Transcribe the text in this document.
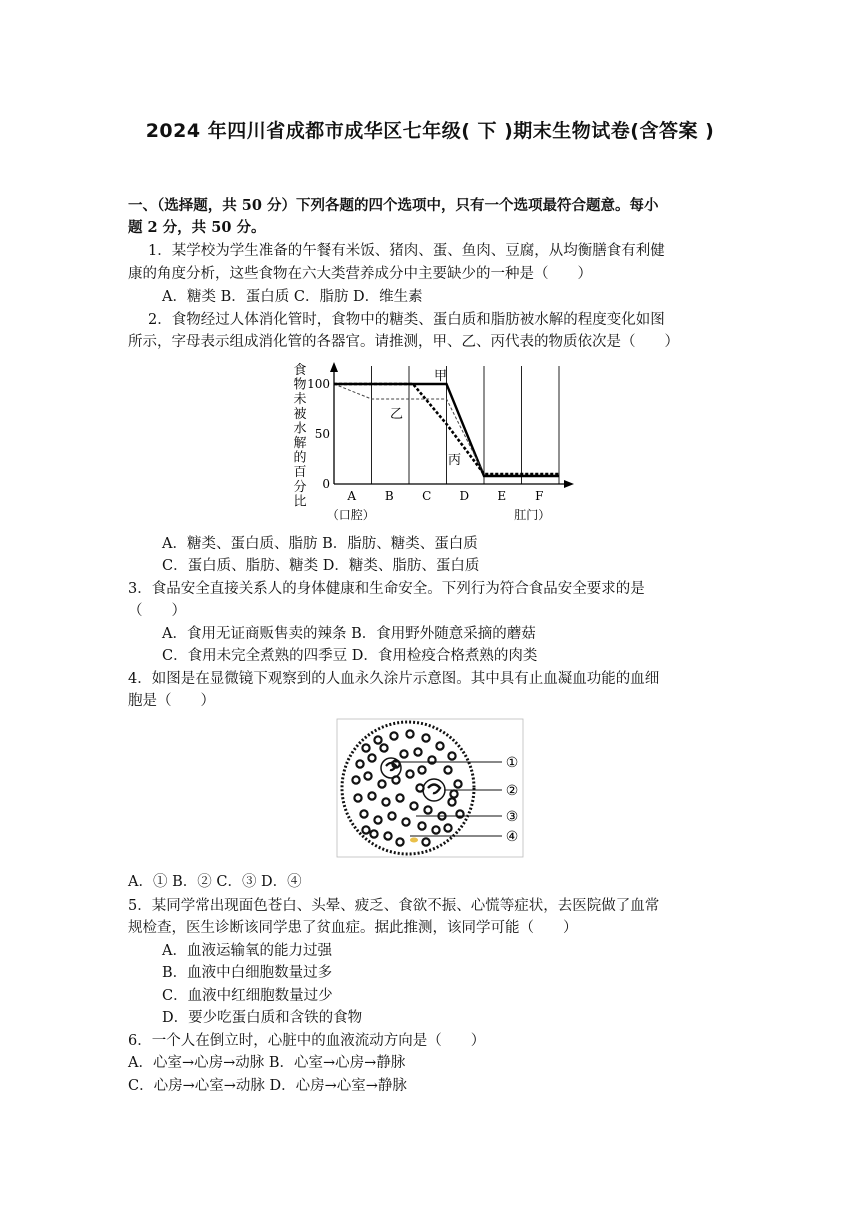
2024 年四川省成都市成华区七年级( 下 )期末生物试卷(含答案 )
一、（选择题，共 50 分）下列各题的四个选项中，只有一个选项最符合题意。每小
题 2 分，共 50 分。
1．某学校为学生准备的午餐有米饭、猪肉、蛋、鱼肉、豆腐，从均衡膳食有利健
康的角度分析，这些食物在六大类营养成分中主要缺少的一种是（　　）
A．糖类 B．蛋白质 C．脂肪 D．维生素
2．食物经过人体消化管时，食物中的糖类、蛋白质和脂肪被水解的程度变化如图
所示，字母表示组成消化管的各器官。请推测，甲、乙、丙代表的物质依次是（　　）
食
物
未
被
水
解
的
百
分
比
100
50
0
A B C D E F
（口腔）	肛门）
甲
乙
丙
A．糖类、蛋白质、脂肪 B．脂肪、糖类、蛋白质
C．蛋白质、脂肪、糖类 D．糖类、脂肪、蛋白质
3．食品安全直接关系人的身体健康和生命安全。下列行为符合食品安全要求的是
（　　）
A．食用无证商贩售卖的辣条 B．食用野外随意采摘的蘑菇
C．食用未完全煮熟的四季豆 D．食用检疫合格煮熟的肉类
4．如图是在显微镜下观察到的人血永久涂片示意图。其中具有止血凝血功能的血细
胞是（　　）
①
②
③
④
A．① B．② C．③ D．④
5．某同学常出现面色苍白、头晕、疲乏、食欲不振、心慌等症状，去医院做了血常
规检查，医生诊断该同学患了贫血症。据此推测，该同学可能（　　）
A．血液运输氧的能力过强
B．血液中白细胞数量过多
C．血液中红细胞数量过少
D．要少吃蛋白质和含铁的食物
6．一个人在倒立时，心脏中的血液流动方向是（　　）
A．心室→心房→动脉 B．心室→心房→静脉
C．心房→心室→动脉 D．心房→心室→静脉
